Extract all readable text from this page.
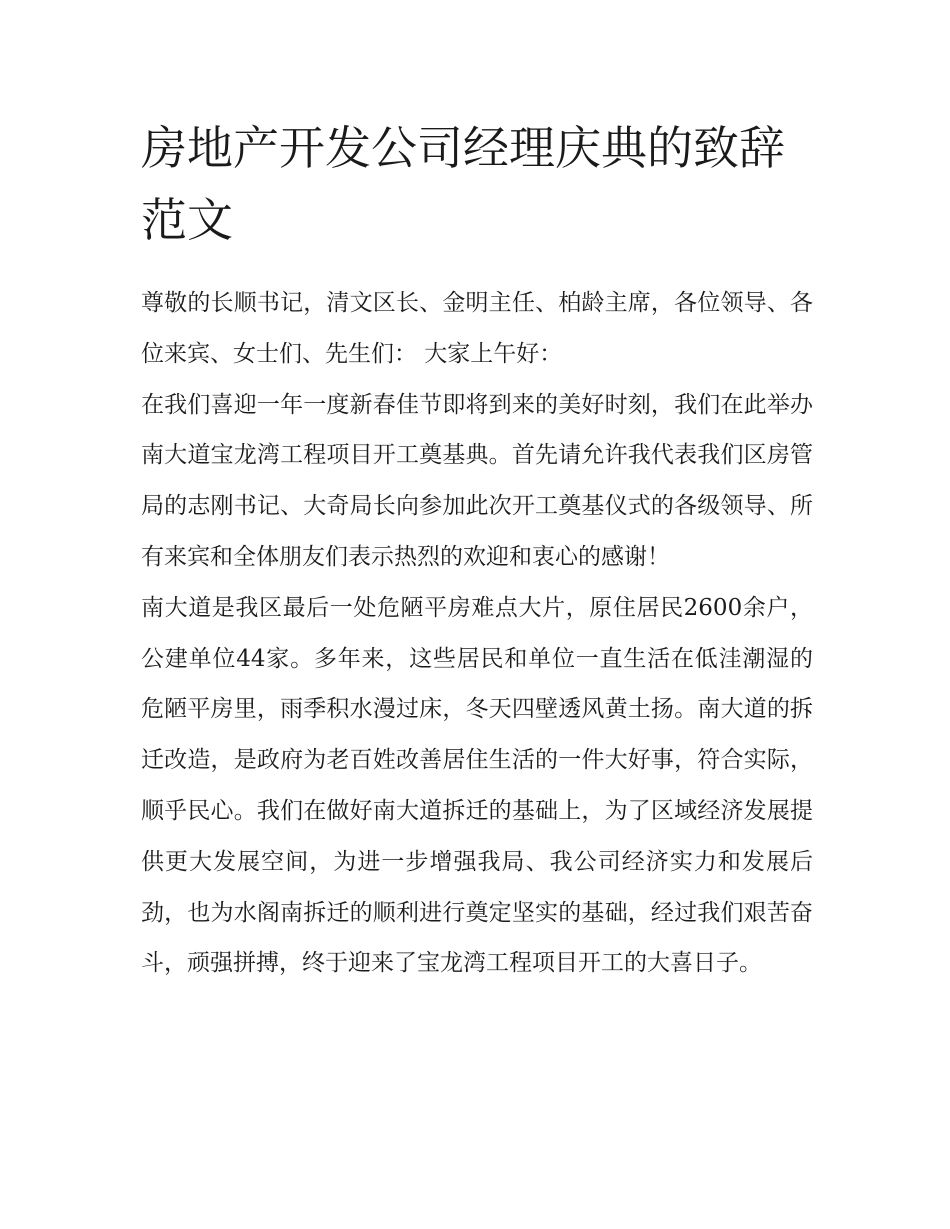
房地产开发公司经理庆典的致辞范文

尊敬的长顺书记，清文区长、金明主任、柏龄主席，各位领导、各位来宾、女士们、先生们： 大家上午好：

在我们喜迎一年一度新春佳节即将到来的美好时刻，我们在此举办南大道宝龙湾工程项目开工奠基典。首先请允许我代表我们区房管局的志刚书记、大奇局长向参加此次开工奠基仪式的各级领导、所有来宾和全体朋友们表示热烈的欢迎和衷心的感谢！

南大道是我区最后一处危陋平房难点大片，原住居民2600余户，公建单位44家。多年来，这些居民和单位一直生活在低洼潮湿的危陋平房里，雨季积水漫过床，冬天四壁透风黄土扬。南大道的拆迁改造，是政府为老百姓改善居住生活的一件大好事，符合实际，顺乎民心。我们在做好南大道拆迁的基础上，为了区域经济发展提供更大发展空间，为进一步增强我局、我公司经济实力和发展后劲，也为水阁南拆迁的顺利进行奠定坚实的基础，经过我们艰苦奋斗，顽强拼搏，终于迎来了宝龙湾工程项目开工的大喜日子。
